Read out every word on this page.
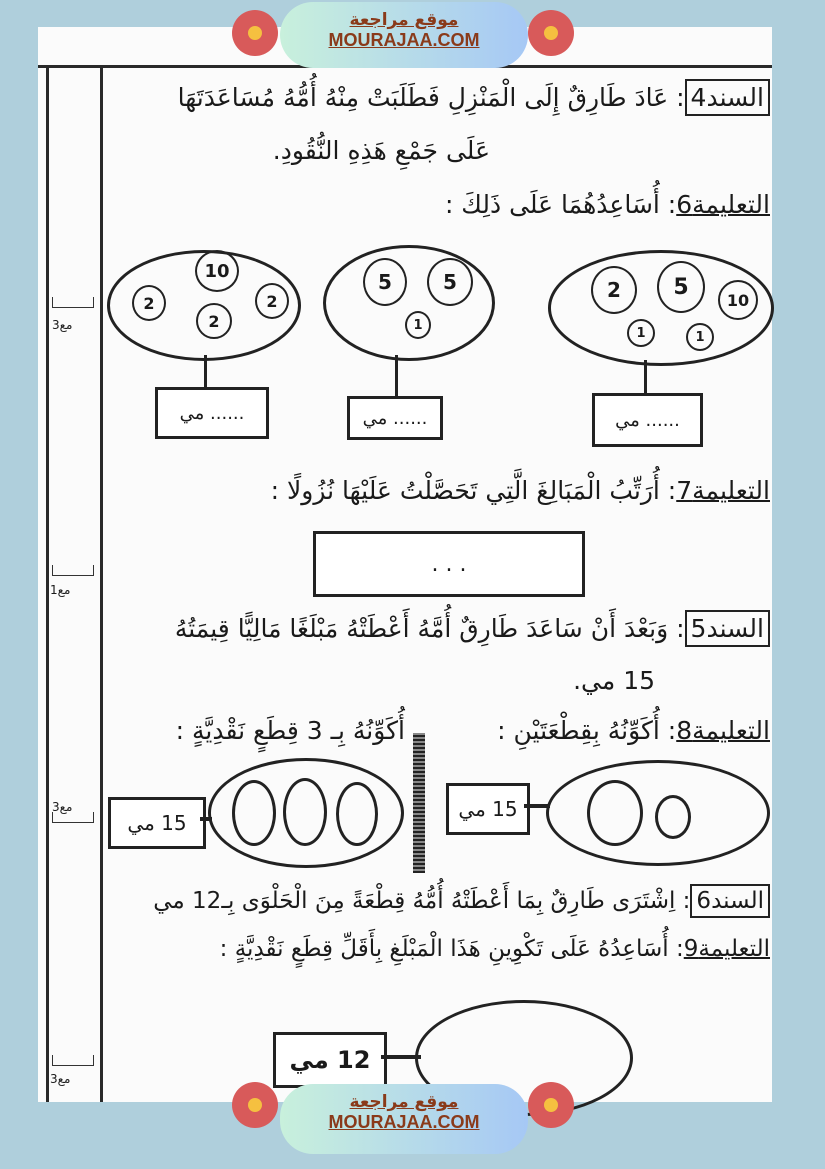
مع3
مع1
مع3
مع3
السند4: عَادَ طَارِقٌ إِلَى الْمَنْزِلِ فَطَلَبَتْ مِنْهُ أُمُّهُ مُسَاعَدَتَهَا
عَلَى جَمْعِ هَذِهِ النُّقُودِ.
التعليمة6: أُسَاعِدُهُمَا عَلَى ذَلِكَ :
10
2
2
2
...... مي
5	5
1
...... مي
2	5
10
1	1
...... مي
التعليمة7: أُرَتِّبُ الْمَبَالِغَ الَّتِي تَحَصَّلْتُ عَلَيْهَا نُزُولًا :
. . .
السند5: وَبَعْدَ أَنْ سَاعَدَ طَارِقٌ أُمَّهُ أَعْطَتْهُ مَبْلَغًا مَالِيًّا قِيمَتُهُ
15 مي.
التعليمة8: أُكَوِّنُهُ بِقِطْعَتَيْنِ :
أُكَوِّنُهُ بِـ 3 قِطَعٍ نَقْدِيَّةٍ :
15 مي
15 مي
السند6: اِشْتَرَى طَارِقٌ بِمَا أَعْطَتْهُ أُمُّهُ قِطْعَةً مِنَ الْحَلْوَى بِـ12 مي
التعليمة9: أُسَاعِدُهُ عَلَى تَكْوِينِ هَذَا الْمَبْلَغِ بِأَقَلِّ قِطَعٍ نَقْدِيَّةٍ :
12 مي
موقع مراجعة
MOURAJAA.COM
موقع مراجعة
MOURAJAA.COM
